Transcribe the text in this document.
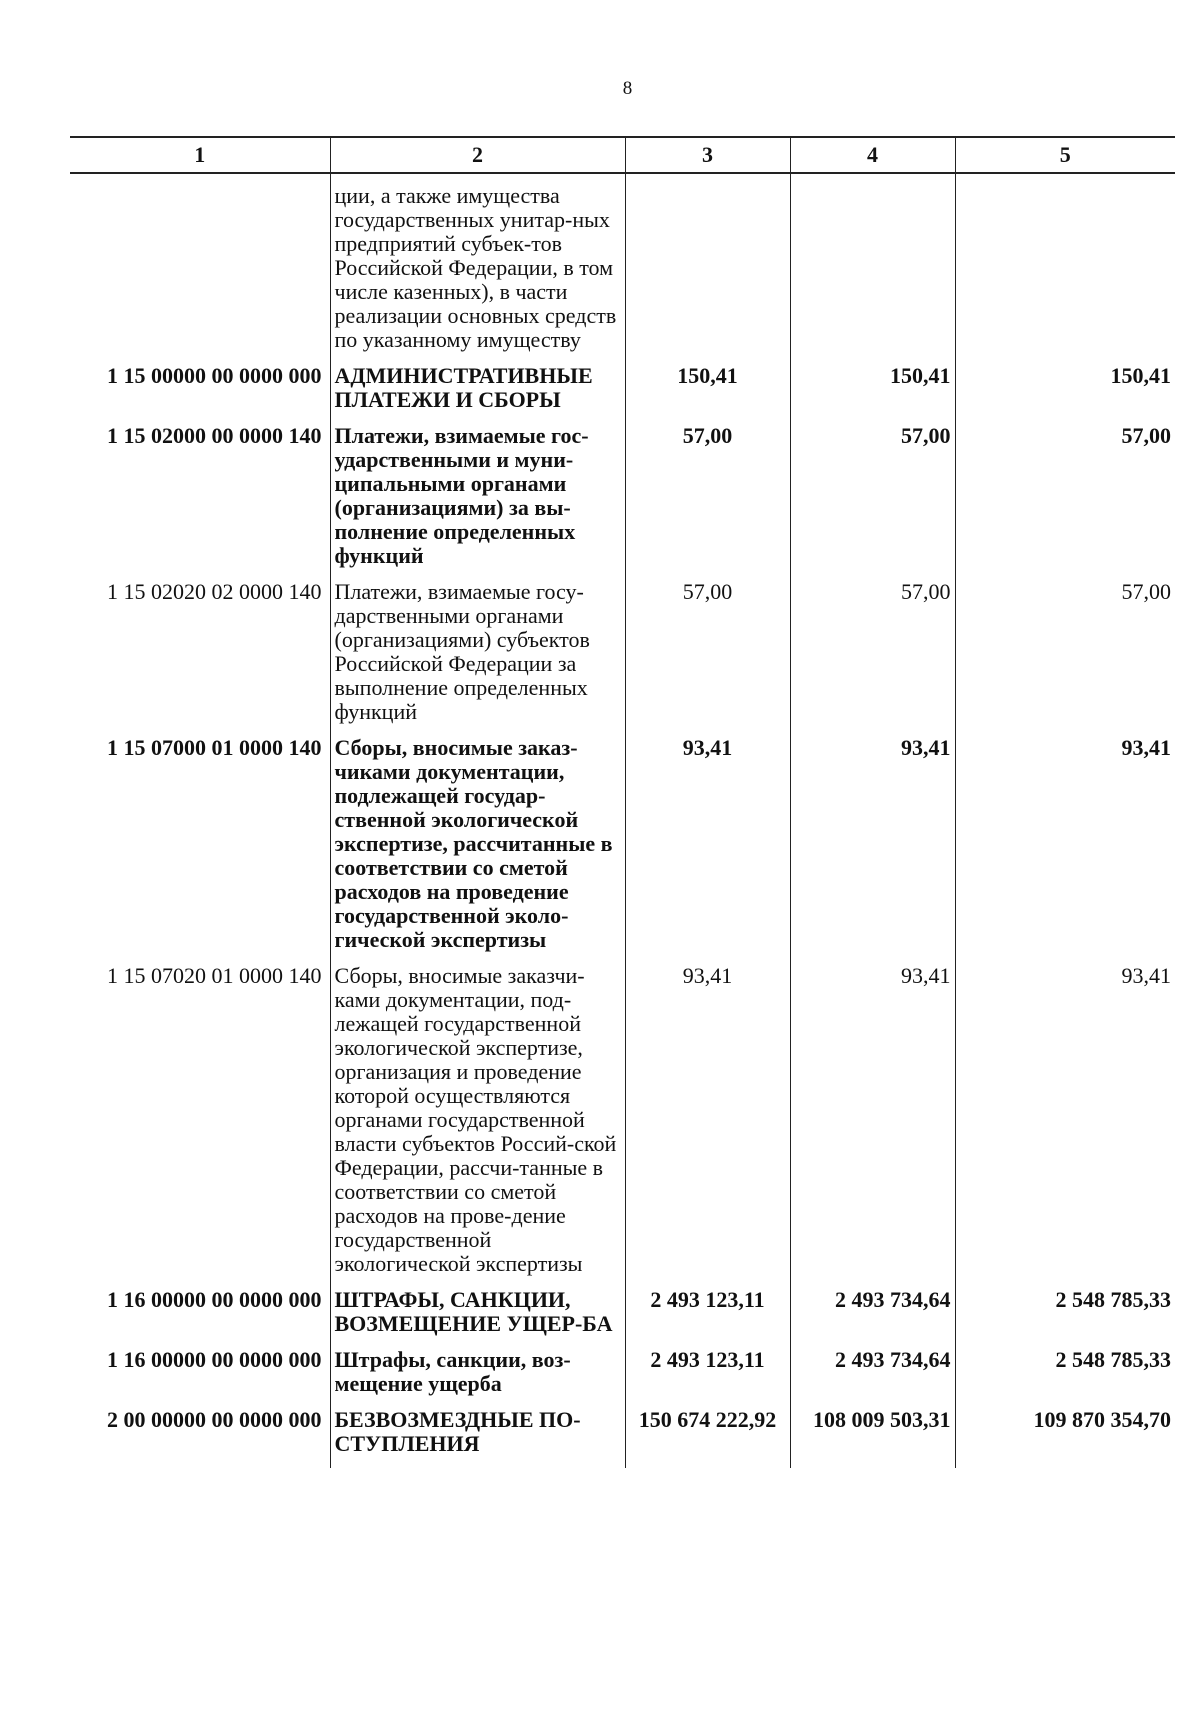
8
1	2	3	4	5
	ции, а также имущества государственных унитар-ных предприятий субъек-тов Российской Федерации, в том числе казенных), в части реализации основных средств по указанному имуществу			
1 15 00000 00 0000 000	АДМИНИСТРАТИВНЫЕ ПЛАТЕЖИ И СБОРЫ	150,41	150,41	150,41
1 15 02000 00 0000 140	Платежи, взимаемые гос-ударственными и муни-ципальными органами (организациями) за вы-полнение определенных функций	57,00	57,00	57,00
1 15 02020 02 0000 140	Платежи, взимаемые госу-дарственными органами (организациями) субъектов Российской Федерации за выполнение определенных функций	57,00	57,00	57,00
1 15 07000 01 0000 140	Сборы, вносимые заказ-чиками документации, подлежащей государ-ственной экологической экспертизе, рассчитанные в соответствии со сметой расходов на проведение государственной эколо-гической экспертизы	93,41	93,41	93,41
1 15 07020 01 0000 140	Сборы, вносимые заказчи-ками документации, под-лежащей государственной экологической экспертизе, организация и проведение которой осуществляются органами государственной власти субъектов Россий-ской Федерации, рассчи-танные в соответствии со сметой расходов на прове-дение государственной экологической экспертизы	93,41	93,41	93,41
1 16 00000 00 0000 000	ШТРАФЫ, САНКЦИИ, ВОЗМЕЩЕНИЕ УЩЕР-БА	2 493 123,11	2 493 734,64	2 548 785,33
1 16 00000 00 0000 000	Штрафы, санкции, воз-мещение ущерба	2 493 123,11	2 493 734,64	2 548 785,33
2 00 00000 00 0000 000	БЕЗВОЗМЕЗДНЫЕ ПО-СТУПЛЕНИЯ	150 674 222,92	108 009 503,31	109 870 354,70
